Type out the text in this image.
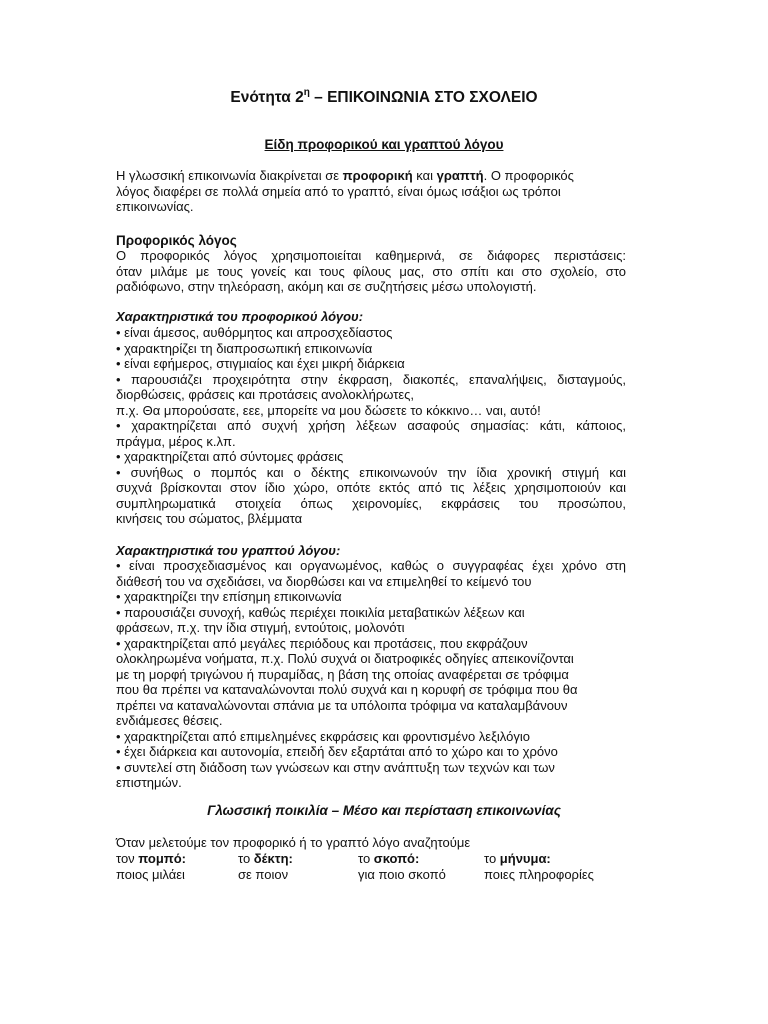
Ενότητα $2^\eta$ – ΕΠΙΚΟΙΝΩΝΙΑ ΣΤΟ ΣΧΟΛΕΙΟ
Είδη προφορικού και γραπτού λόγου
Η γλωσσική επικοινωνία διακρίνεται σε προφορική και γραπτή. Ο προφορικός
λόγος διαφέρει σε πολλά σημεία από το γραπτό, είναι όμως ισάξιοι ως τρόποι
επικοινωνίας.
Προφορικός λόγος
Ο προφορικός λόγος χρησιμοποιείται καθημερινά, σε διάφορες περιστάσεις:
όταν μιλάμε με τους γονείς και τους φίλους μας, στο σπίτι και στο σχολείο, στο
ραδιόφωνο, στην τηλεόραση, ακόμη και σε συζητήσεις μέσω υπολογιστή.
Χαρακτηριστικά του προφορικού λόγου:
• είναι άμεσος, αυθόρμητος και απροσχεδίαστος
• χαρακτηρίζει τη διαπροσωπική επικοινωνία
• είναι εφήμερος, στιγμιαίος και έχει μικρή διάρκεια
• παρουσιάζει προχειρότητα στην έκφραση, διακοπές, επαναλήψεις, δισταγμούς,
διορθώσεις, φράσεις και προτάσεις ανολοκλήρωτες,
π.χ. Θα μπορούσατε, εεε, μπορείτε να μου δώσετε το κόκκινο… ναι, αυτό!
• χαρακτηρίζεται από συχνή χρήση λέξεων ασαφούς σημασίας: κάτι, κάποιος,
πράγμα, μέρος κ.λπ.
• χαρακτηρίζεται από σύντομες φράσεις
• συνήθως ο πομπός και ο δέκτης επικοινωνούν την ίδια χρονική στιγμή και
συχνά βρίσκονται στον ίδιο χώρο, οπότε εκτός από τις λέξεις χρησιμοποιούν και
συμπληρωματικά στοιχεία όπως χειρονομίες, εκφράσεις του προσώπου,
κινήσεις του σώματος, βλέμματα
Χαρακτηριστικά του γραπτού λόγου:
• είναι προσχεδιασμένος και οργανωμένος, καθώς ο συγγραφέας έχει χρόνο στη
διάθεσή του να σχεδιάσει, να διορθώσει και να επιμεληθεί το κείμενό του
• χαρακτηρίζει την επίσημη επικοινωνία
• παρουσιάζει συνοχή, καθώς περιέχει ποικιλία μεταβατικών λέξεων και
φράσεων, π.χ. την ίδια στιγμή, εντούτοις, μολονότι
• χαρακτηρίζεται από μεγάλες περιόδους και προτάσεις, που εκφράζουν
ολοκληρωμένα νοήματα, π.χ. Πολύ συχνά οι διατροφικές οδηγίες απεικονίζονται
με τη μορφή τριγώνου ή πυραμίδας, η βάση της οποίας αναφέρεται σε τρόφιμα
που θα πρέπει να καταναλώνονται πολύ συχνά και η κορυφή σε τρόφιμα που θα
πρέπει να καταναλώνονται σπάνια με τα υπόλοιπα τρόφιμα να καταλαμβάνουν
ενδιάμεσες θέσεις.
• χαρακτηρίζεται από επιμελημένες εκφράσεις και φροντισμένο λεξιλόγιο
• έχει διάρκεια και αυτονομία, επειδή δεν εξαρτάται από το χώρο και το χρόνο
• συντελεί στη διάδοση των γνώσεων και στην ανάπτυξη των τεχνών και των
επιστημών.
Γλωσσική ποικιλία – Μέσο και περίσταση επικοινωνίας
Όταν μελετούμε τον προφορικό ή το γραπτό λόγο αναζητούμε
τον πομπό:	το δέκτη:	το σκοπό:	το μήνυμα:
ποιος μιλάει	σε ποιον	για ποιο σκοπό	ποιες πληροφορίες
